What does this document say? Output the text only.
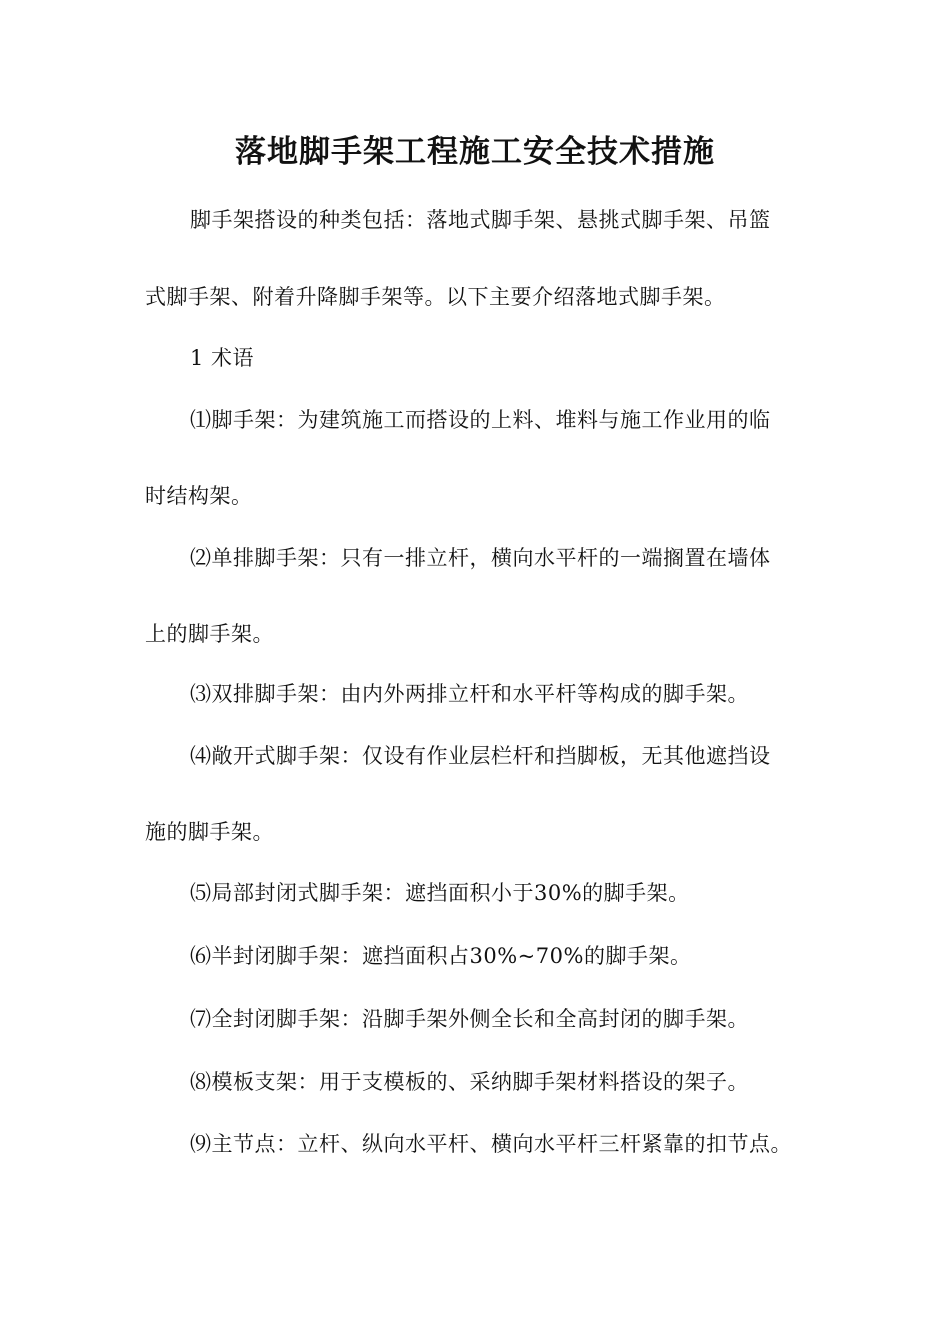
落地脚手架工程施工安全技术措施
脚手架搭设的种类包括：落地式脚手架、悬挑式脚手架、吊篮
式脚手架、附着升降脚手架等。以下主要介绍落地式脚手架。
1 术语
⑴脚手架：为建筑施工而搭设的上料、堆料与施工作业用的临
时结构架。
⑵单排脚手架：只有一排立杆，横向水平杆的一端搁置在墙体
上的脚手架。
⑶双排脚手架：由内外两排立杆和水平杆等构成的脚手架。
⑷敞开式脚手架：仅设有作业层栏杆和挡脚板，无其他遮挡设
施的脚手架。
⑸局部封闭式脚手架：遮挡面积小于30%的脚手架。
⑹半封闭脚手架：遮挡面积占30%~70%的脚手架。
⑺全封闭脚手架：沿脚手架外侧全长和全高封闭的脚手架。
⑻模板支架：用于支模板的、采纳脚手架材料搭设的架子。
⑼主节点：立杆、纵向水平杆、横向水平杆三杆紧靠的扣节点。
